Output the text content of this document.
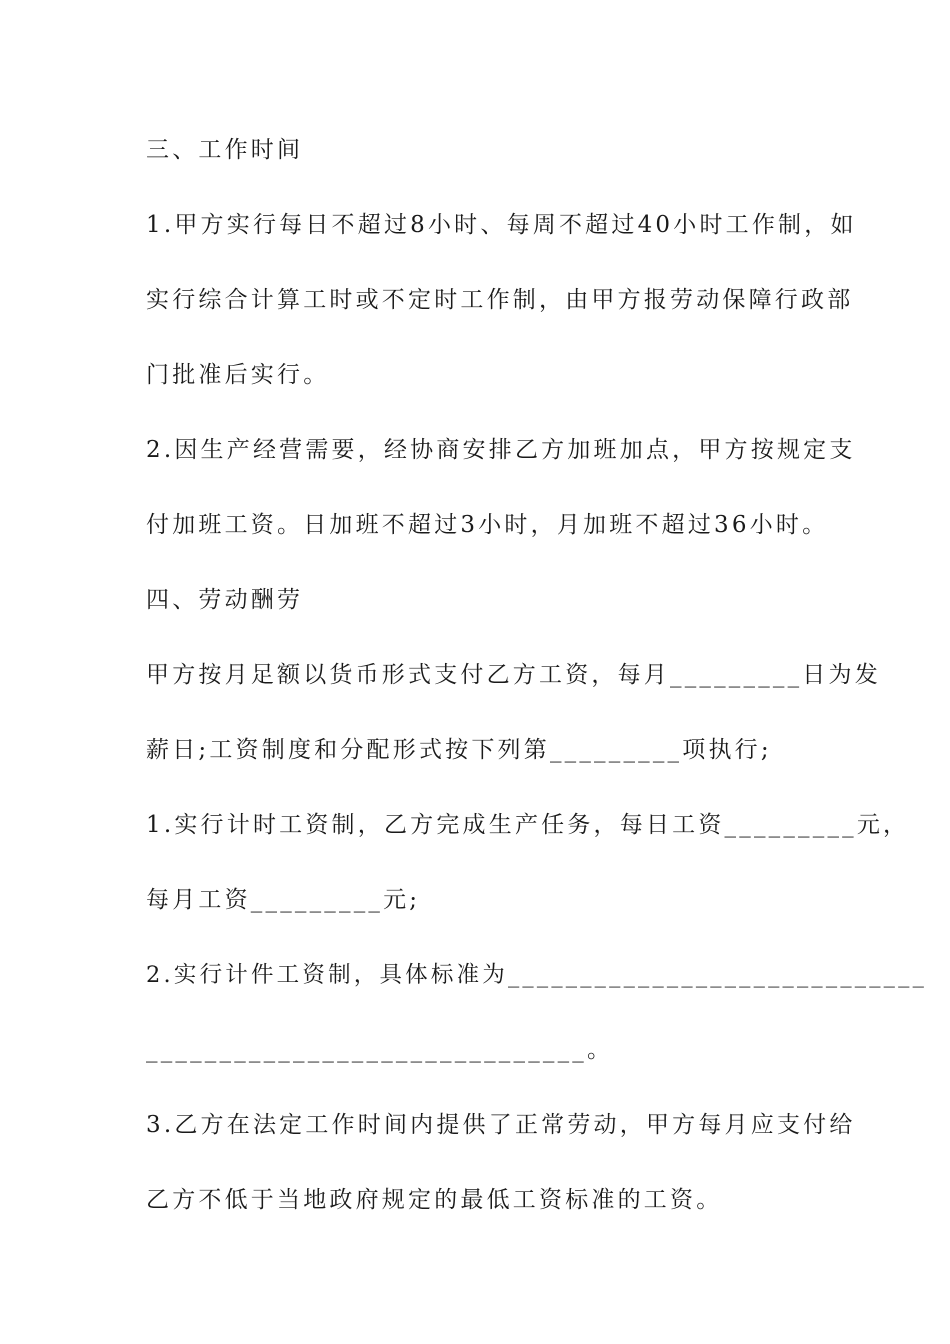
三、工作时间
1.甲方实行每日不超过8小时、每周不超过40小时工作制，如
实行综合计算工时或不定时工作制，由甲方报劳动保障行政部
门批准后实行。
2.因生产经营需要，经协商安排乙方加班加点，甲方按规定支
付加班工资。日加班不超过3小时，月加班不超过36小时。
四、劳动酬劳
甲方按月足额以货币形式支付乙方工资，每月_________日为发
薪日;工资制度和分配形式按下列第_________项执行;
1.实行计时工资制，乙方完成生产任务，每日工资_________元，
每月工资_________元;
2.实行计件工资制，具体标准为_____________________________
______________________________。
3.乙方在法定工作时间内提供了正常劳动，甲方每月应支付给
乙方不低于当地政府规定的最低工资标准的工资。
